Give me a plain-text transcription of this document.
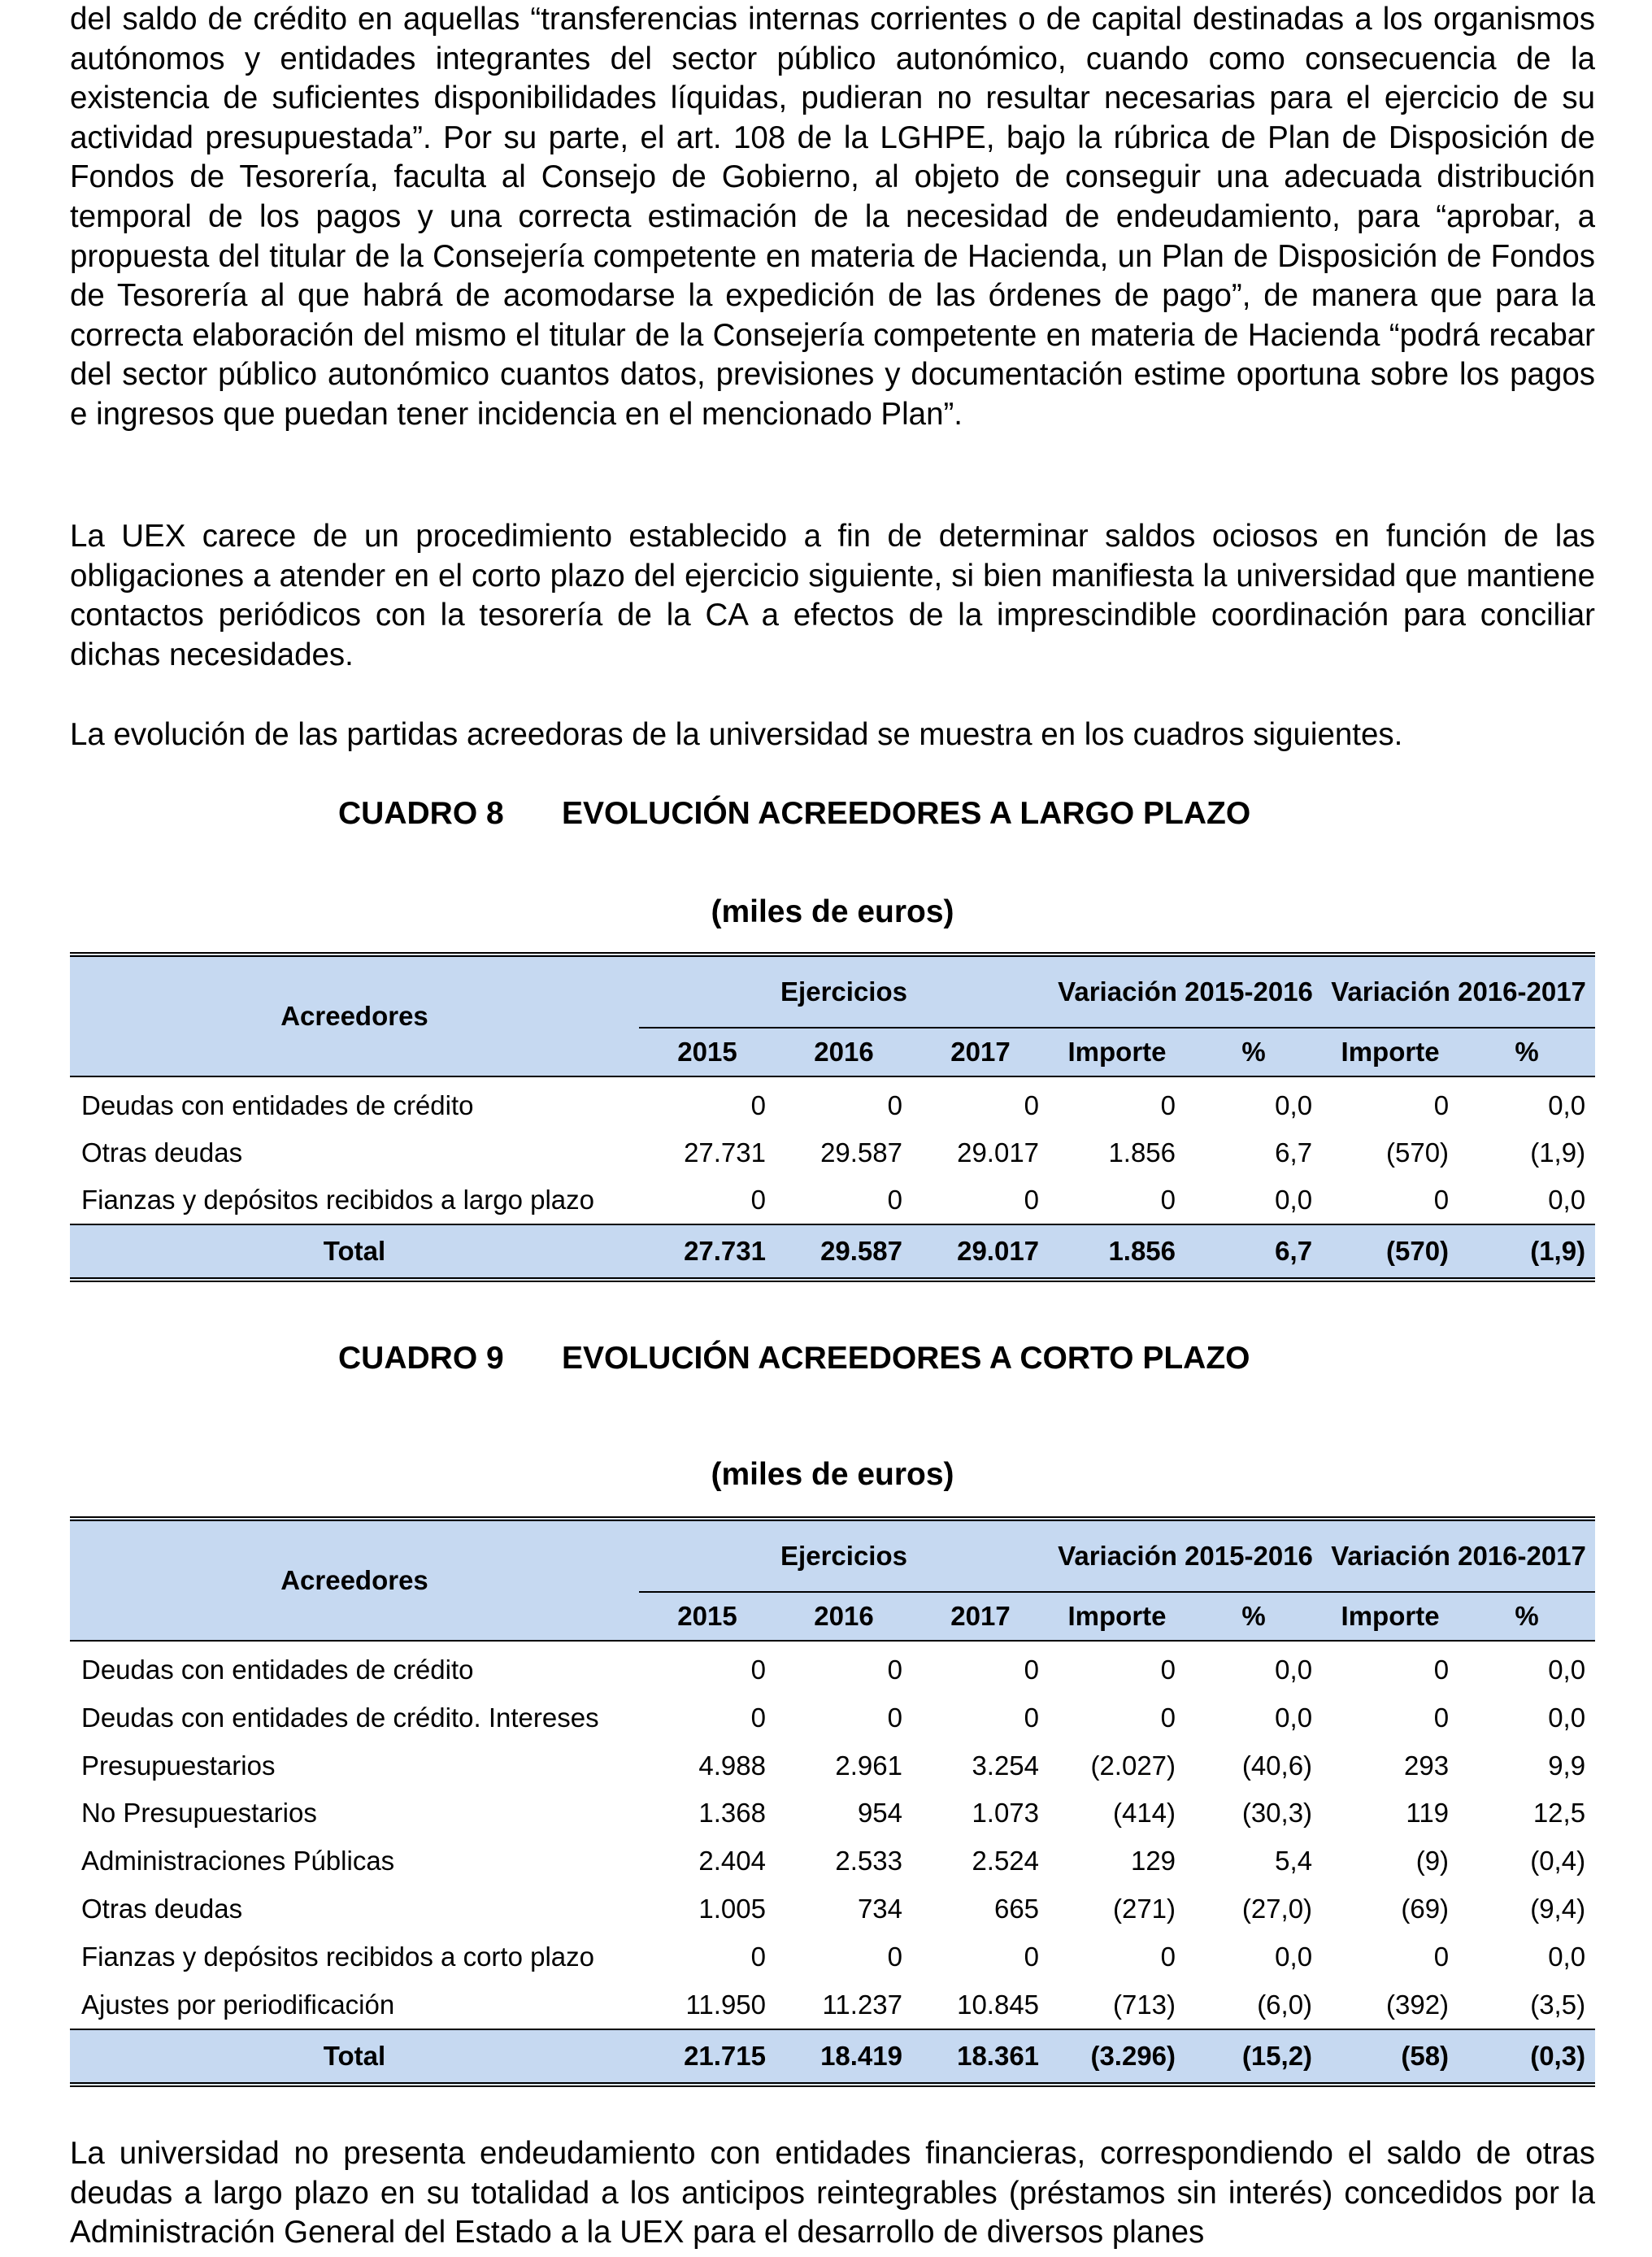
del saldo de crédito en aquellas “transferencias internas corrientes o de capital destinadas a los organismos autónomos y entidades integrantes del sector público autonómico, cuando como consecuencia de la existencia de suficientes disponibilidades líquidas, pudieran no resultar necesarias para el ejercicio de su actividad presupuestada”. Por su parte, el art. 108 de la LGHPE, bajo la rúbrica de Plan de Disposición de Fondos de Tesorería, faculta al Consejo de Gobierno, al objeto de conseguir una adecuada distribución temporal de los pagos y una correcta estimación de la necesidad de endeudamiento, para “aprobar, a propuesta del titular de la Consejería competente en materia de Hacienda, un Plan de Disposición de Fondos de Tesorería al que habrá de acomodarse la expedición de las órdenes de pago”, de manera que para la correcta elaboración del mismo el titular de la Consejería competente en materia de Hacienda “podrá recabar del sector público autonómico cuantos datos, previsiones y documentación estime oportuna sobre los pagos e ingresos que puedan tener incidencia en el mencionado Plan”.

La UEX carece de un procedimiento establecido a fin de determinar saldos ociosos en función de las obligaciones a atender en el corto plazo del ejercicio siguiente, si bien manifiesta la universidad que mantiene contactos periódicos con la tesorería de la CA a efectos de la imprescindible coordinación para conciliar dichas necesidades.

La evolución de las partidas acreedoras de la universidad se muestra en los cuadros siguientes.

CUADRO 8 EVOLUCIÓN ACREEDORES A LARGO PLAZO
(miles de euros)
Acreedores	Ejercicios			Variación 2015-2016		Variación 2016-2017	
	2015	2016	2017	Importe	%	Importe	%
Deudas con entidades de crédito	0	0	0	0	0,0	0	0,0
Otras deudas	27.731	29.587	29.017	1.856	6,7	(570)	(1,9)
Fianzas y depósitos recibidos a largo plazo	0	0	0	0	0,0	0	0,0
Total	27.731	29.587	29.017	1.856	6,7	(570)	(1,9)
CUADRO 9 EVOLUCIÓN ACREEDORES A CORTO PLAZO
(miles de euros)
Acreedores	Ejercicios			Variación 2015-2016		Variación 2016-2017	
	2015	2016	2017	Importe	%	Importe	%
Deudas con entidades de crédito	0	0	0	0	0,0	0	0,0
Deudas con entidades de crédito. Intereses	0	0	0	0	0,0	0	0,0
Presupuestarios	4.988	2.961	3.254	(2.027)	(40,6)	293	9,9
No Presupuestarios	1.368	954	1.073	(414)	(30,3)	119	12,5
Administraciones Públicas	2.404	2.533	2.524	129	5,4	(9)	(0,4)
Otras deudas	1.005	734	665	(271)	(27,0)	(69)	(9,4)
Fianzas y depósitos recibidos a corto plazo	0	0	0	0	0,0	0	0,0
Ajustes por periodificación	11.950	11.237	10.845	(713)	(6,0)	(392)	(3,5)
Total	21.715	18.419	18.361	(3.296)	(15,2)	(58)	(0,3)

La universidad no presenta endeudamiento con entidades financieras, correspondiendo el saldo de otras deudas a largo plazo en su totalidad a los anticipos reintegrables (préstamos sin interés) concedidos por la Administración General del Estado a la UEX para el desarrollo de diversos planes
